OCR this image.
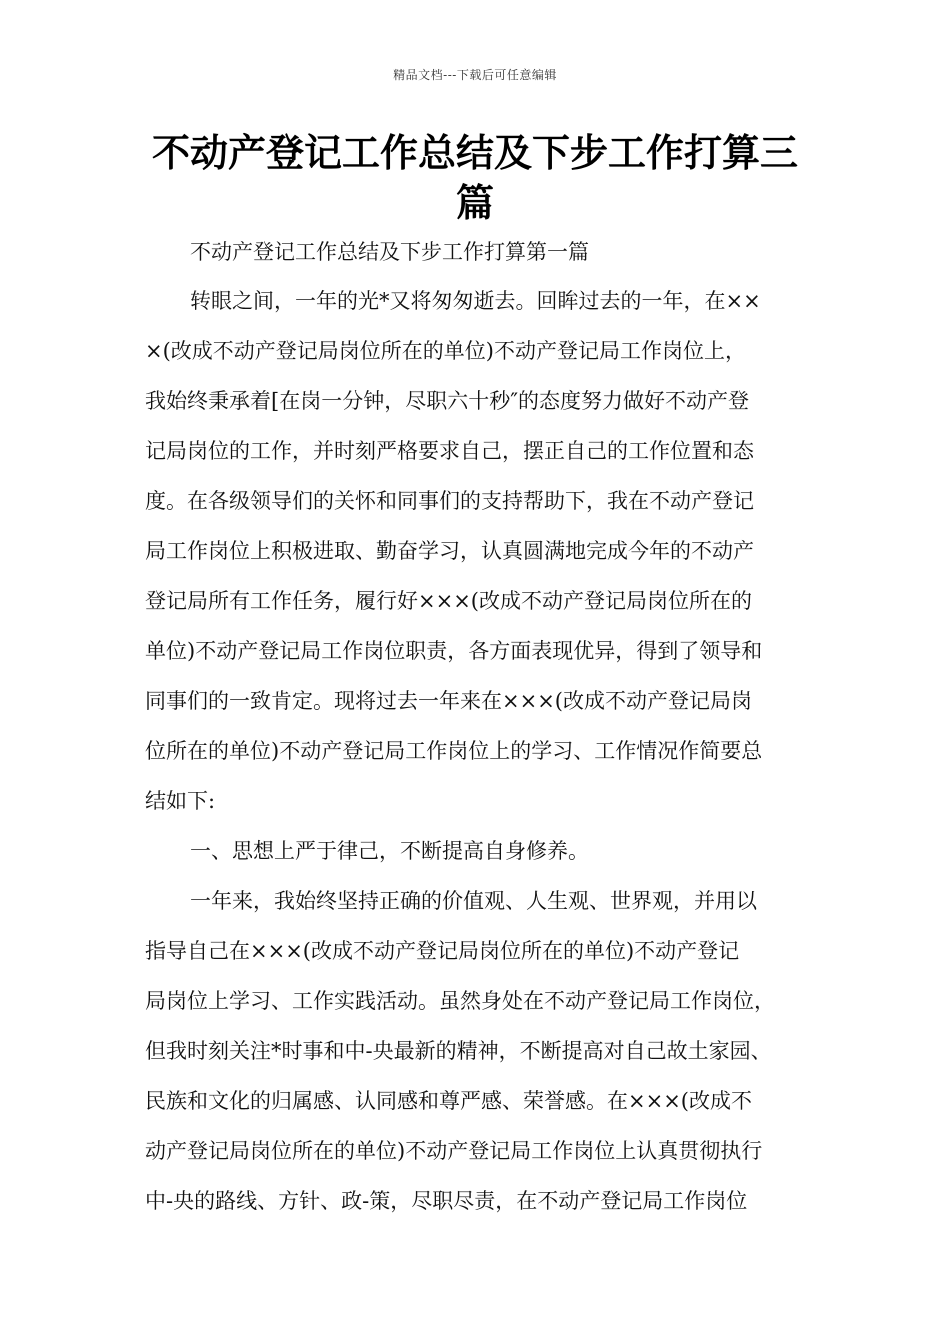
精品文档---下载后可任意编辑
不动产登记工作总结及下步工作打算三篇
不动产登记工作总结及下步工作打算第一篇
转眼之间，一年的光*又将匆匆逝去。回眸过去的一年，在××
×(改成不动产登记局岗位所在的单位)不动产登记局工作岗位上，
我始终秉承着[在岗一分钟，尽职六十秒″的态度努力做好不动产登
记局岗位的工作，并时刻严格要求自己，摆正自己的工作位置和态
度。在各级领导们的关怀和同事们的支持帮助下，我在不动产登记
局工作岗位上积极进取、勤奋学习，认真圆满地完成今年的不动产
登记局所有工作任务，履行好×××(改成不动产登记局岗位所在的
单位)不动产登记局工作岗位职责，各方面表现优异，得到了领导和
同事们的一致肯定。现将过去一年来在×××(改成不动产登记局岗
位所在的单位)不动产登记局工作岗位上的学习、工作情况作简要总
结如下:
一、思想上严于律己，不断提高自身修养。
一年来，我始终坚持正确的价值观、人生观、世界观，并用以
指导自己在×××(改成不动产登记局岗位所在的单位)不动产登记
局岗位上学习、工作实践活动。虽然身处在不动产登记局工作岗位，
但我时刻关注*时事和中-央最新的精神，不断提高对自己故土家园、
民族和文化的归属感、认同感和尊严感、荣誉感。在×××(改成不
动产登记局岗位所在的单位)不动产登记局工作岗位上认真贯彻执行
中-央的路线、方针、政-策，尽职尽责，在不动产登记局工作岗位
